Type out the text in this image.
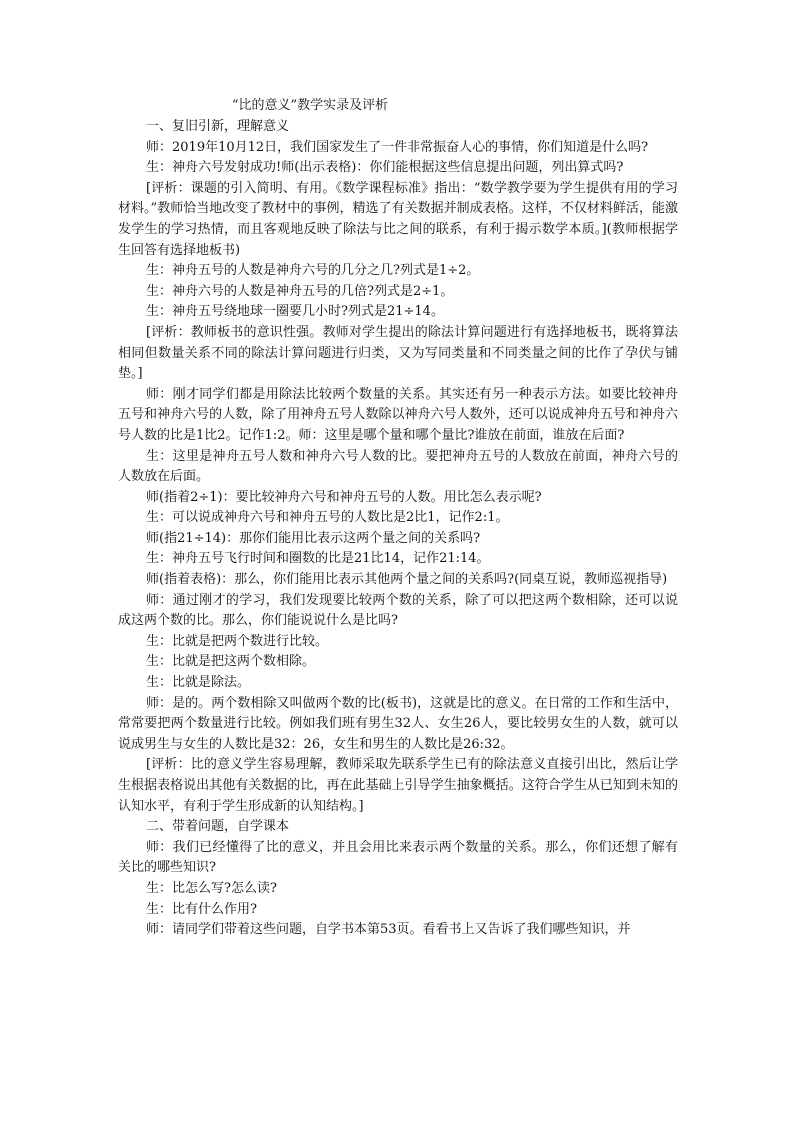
“比的意义”教学实录及评析

一、复旧引新，理解意义

师：2019年10月12日，我们国家发生了一件非常振奋人心的事情，你们知道是什么吗?

生：神舟六号发射成功!师(出示表格)：你们能根据这些信息提出问题，列出算式吗?

[评析：课题的引入简明、有用。《数学课程标准》指出：“数学教学要为学生提供有用的学习材料。”教师恰当地改变了教材中的事例，精选了有关数据并制成表格。这样，不仅材料鲜活，能激发学生的学习热情，而且客观地反映了除法与比之间的联系，有利于揭示数学本质。](教师根据学生回答有选择地板书)

生：神舟五号的人数是神舟六号的几分之几?列式是1÷2。

生：神舟六号的人数是神舟五号的几倍?列式是2÷1。

生：神舟五号绕地球一圈要几小时?列式是21÷14。

[评析：教师板书的意识性强。教师对学生提出的除法计算问题进行有选择地板书，既将算法相同但数量关系不同的除法计算问题进行归类，又为写同类量和不同类量之间的比作了孕伏与铺垫。]

师：刚才同学们都是用除法比较两个数量的关系。其实还有另一种表示方法。如要比较神舟五号和神舟六号的人数，除了用神舟五号人数除以神舟六号人数外，还可以说成神舟五号和神舟六号人数的比是1比2。记作1:2。师：这里是哪个量和哪个量比?谁放在前面，谁放在后面?

生：这里是神舟五号人数和神舟六号人数的比。要把神舟五号的人数放在前面，神舟六号的人数放在后面。

师(指着2÷1)：要比较神舟六号和神舟五号的人数。用比怎么表示呢?

生：可以说成神舟六号和神舟五号的人数比是2比1，记作2:1。

师(指21÷14)：那你们能用比表示这两个量之间的关系吗?

生：神舟五号飞行时间和圈数的比是21比14，记作21:14。

师(指着表格)：那么，你们能用比表示其他两个量之间的关系吗?(同桌互说，教师巡视指导)

师：通过刚才的学习，我们发现要比较两个数的关系，除了可以把这两个数相除，还可以说成这两个数的比。那么，你们能说说什么是比吗?

生：比就是把两个数进行比较。

生：比就是把这两个数相除。

生：比就是除法。

师：是的。两个数相除又叫做两个数的比(板书)，这就是比的意义。在日常的工作和生活中，常常要把两个数量进行比较。例如我们班有男生32人、女生26人，要比较男女生的人数，就可以说成男生与女生的人数比是32：26，女生和男生的人数比是26:32。

[评析：比的意义学生容易理解，教师采取先联系学生已有的除法意义直接引出比，然后让学生根据表格说出其他有关数据的比，再在此基础上引导学生抽象概括。这符合学生从已知到未知的认知水平，有利于学生形成新的认知结构。]

二、带着问题，自学课本

师：我们已经懂得了比的意义，并且会用比来表示两个数量的关系。那么，你们还想了解有关比的哪些知识?

生：比怎么写?怎么读?

生：比有什么作用?

师：请同学们带着这些问题，自学书本第53页。看看书上又告诉了我们哪些知识，并
